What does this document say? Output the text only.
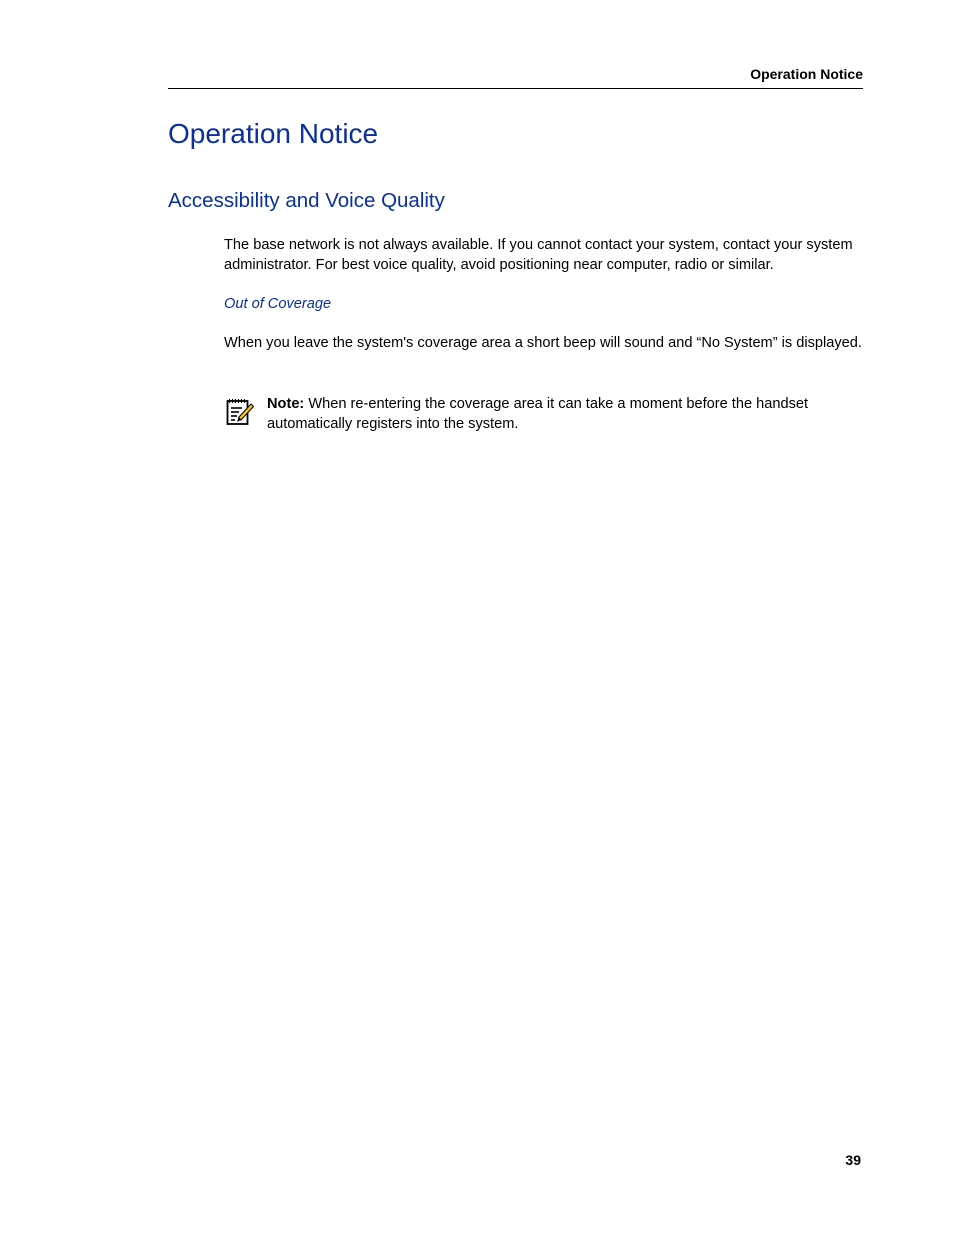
Operation Notice
Operation Notice
Accessibility and Voice Quality

The base network is not always available. If you cannot contact your system, contact your system administrator. For best voice quality, avoid positioning near computer, radio or similar.

Out of Coverage

When you leave the system's coverage area a short beep will sound and “No System” is displayed.

Note: When re-entering the coverage area it can take a moment before the handset automatically registers into the system.

39
